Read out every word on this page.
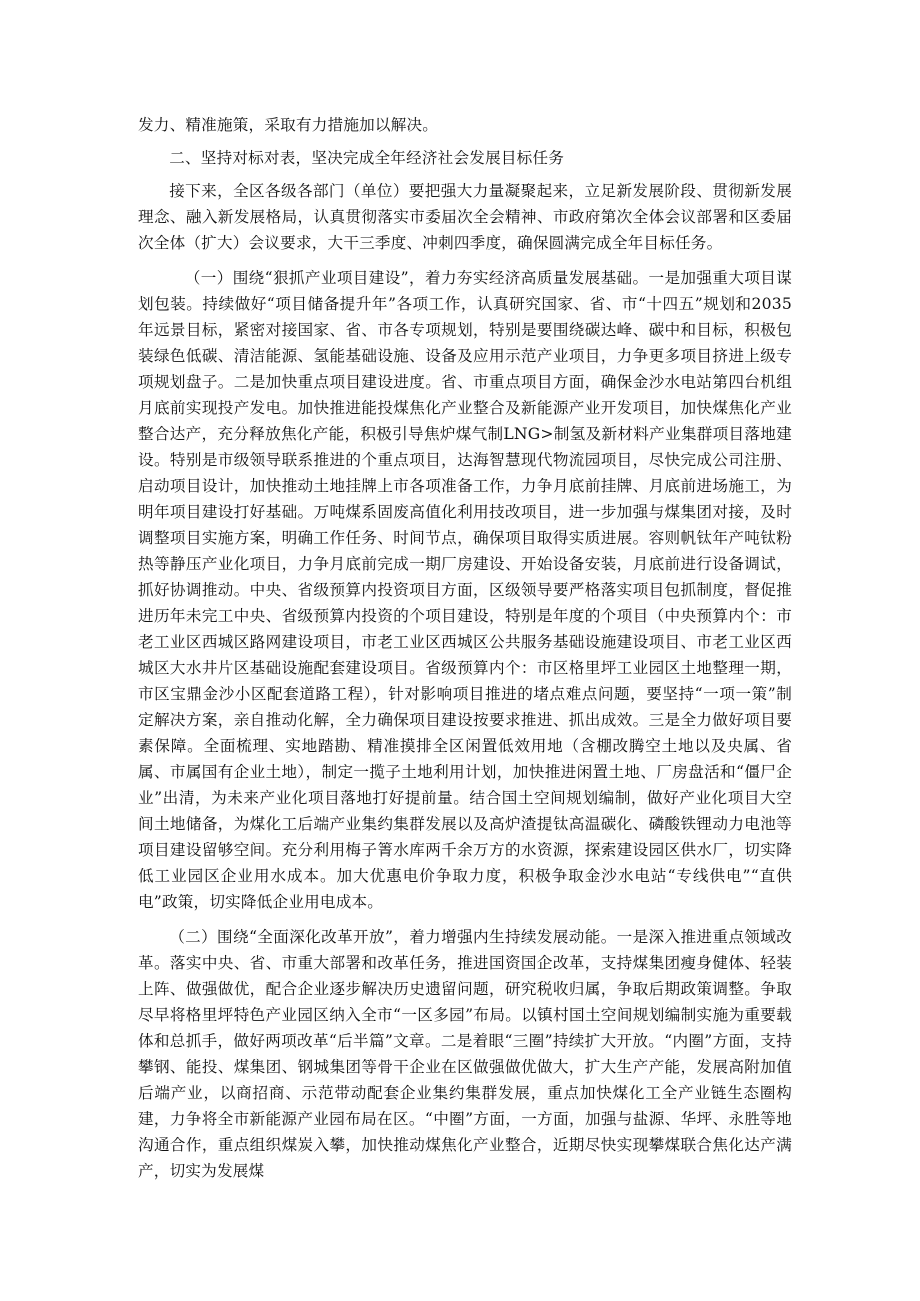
发力、精准施策，采取有力措施加以解决。

二、坚持对标对表，坚决完成全年经济社会发展目标任务

接下来，全区各级各部门（单位）要把强大力量凝聚起来，立足新发展阶段、贯彻新发展理念、融入新发展格局，认真贯彻落实市委届次全会精神、市政府第次全体会议部署和区委届次全体（扩大）会议要求，大干三季度、冲刺四季度，确保圆满完成全年目标任务。

（一）围绕“狠抓产业项目建设”，着力夯实经济高质量发展基础。一是加强重大项目谋划包装。持续做好“项目储备提升年”各项工作，认真研究国家、省、市“十四五”规划和2035年远景目标，紧密对接国家、省、市各专项规划，特别是要围绕碳达峰、碳中和目标，积极包装绿色低碳、清洁能源、氢能基础设施、设备及应用示范产业项目，力争更多项目挤进上级专项规划盘子。二是加快重点项目建设进度。省、市重点项目方面，确保金沙水电站第四台机组月底前实现投产发电。加快推进能投煤焦化产业整合及新能源产业开发项目，加快煤焦化产业整合达产，充分释放焦化产能，积极引导焦炉煤气制LNG>制氢及新材料产业集群项目落地建设。特别是市级领导联系推进的个重点项目，达海智慧现代物流园项目，尽快完成公司注册、启动项目设计，加快推动土地挂牌上市各项准备工作，力争月底前挂牌、月底前进场施工，为明年项目建设打好基础。万吨煤系固废高值化利用技改项目，进一步加强与煤集团对接，及时调整项目实施方案，明确工作任务、时间节点，确保项目取得实质进展。容则帆钛年产吨钛粉热等静压产业化项目，力争月底前完成一期厂房建设、开始设备安装，月底前进行设备调试，抓好协调推动。中央、省级预算内投资项目方面，区级领导要严格落实项目包抓制度，督促推进历年未完工中央、省级预算内投资的个项目建设，特别是年度的个项目（中央预算内个：市老工业区西城区路网建设项目，市老工业区西城区公共服务基础设施建设项目、市老工业区西城区大水井片区基础设施配套建设项目。省级预算内个：市区格里坪工业园区土地整理一期，市区宝鼎金沙小区配套道路工程），针对影响项目推进的堵点难点问题，要坚持“一项一策”制定解决方案，亲自推动化解，全力确保项目建设按要求推进、抓出成效。三是全力做好项目要素保障。全面梳理、实地踏勘、精准摸排全区闲置低效用地（含棚改腾空土地以及央属、省属、市属国有企业土地），制定一揽子土地利用计划，加快推进闲置土地、厂房盘活和“僵尸企业”出清，为未来产业化项目落地打好提前量。结合国土空间规划编制，做好产业化项目大空间土地储备，为煤化工后端产业集约集群发展以及高炉渣提钛高温碳化、磷酸铁锂动力电池等项目建设留够空间。充分利用梅子箐水库两千余万方的水资源，探索建设园区供水厂，切实降低工业园区企业用水成本。加大优惠电价争取力度，积极争取金沙水电站“专线供电”“直供电”政策，切实降低企业用电成本。

（二）围绕“全面深化改革开放”，着力增强内生持续发展动能。一是深入推进重点领域改革。落实中央、省、市重大部署和改革任务，推进国资国企改革，支持煤集团瘦身健体、轻装上阵、做强做优，配合企业逐步解决历史遗留问题，研究税收归属，争取后期政策调整。争取尽早将格里坪特色产业园区纳入全市“一区多园”布局。以镇村国土空间规划编制实施为重要载体和总抓手，做好两项改革“后半篇”文章。二是着眼“三圈”持续扩大开放。“内圈”方面，支持攀钢、能投、煤集团、钢城集团等骨干企业在区做强做优做大，扩大生产产能，发展高附加值后端产业，以商招商、示范带动配套企业集约集群发展，重点加快煤化工全产业链生态圈构建，力争将全市新能源产业园布局在区。“中圈”方面，一方面，加强与盐源、华坪、永胜等地沟通合作，重点组织煤炭入攀，加快推动煤焦化产业整合，近期尽快实现攀煤联合焦化达产满产，切实为发展煤
